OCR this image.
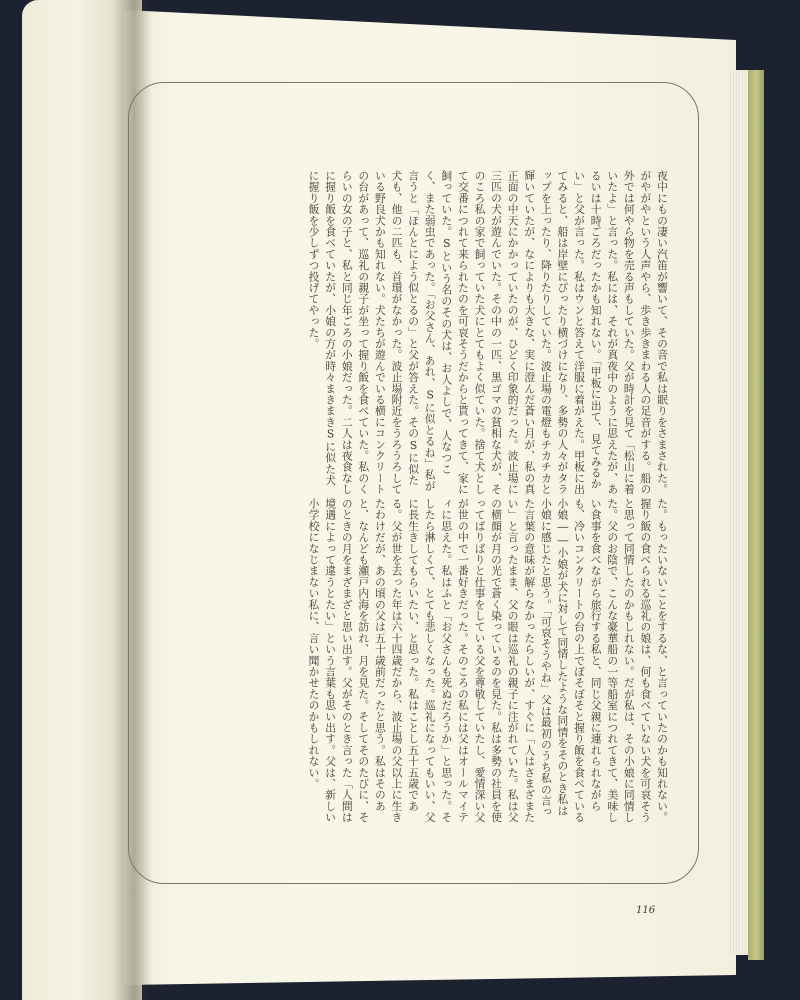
夜中にもの凄い汽笛が響いて、その音で私は眠りをさまされた。がやがやという人声やら、歩き歩きまわる人の足音がする。船の外では何やら物を売る声もしていた。父が時計を見て「松山に着いたよ」と言った。私には、それが真夜中のように思えたが、あるいは十時ごろだったかも知れない。「甲板に出て、見てみるかい」と父が言った。私はウンと答えて洋服に着がえた。甲板に出てみると、船は岸壁にぴったり横づけになり、多勢の人々がタラップを上ったり、降りたりしていた。波止場の電燈もチカチカと輝いていたが、なによりも大きな、実に澄んだ蒼い月が、私の真正面の中天にかかっていたのが、ひどく印象的だった。波止場に三匹の犬が遊んでいた。その中の一匹、黒ゴマの貧相な犬が、そのころ私の家で飼っていた犬にとてもよく似ていた。捨て犬として交番につれて来られたのを可哀そうだからと貰ってきて、家に飼っていた。Sという名のその犬は、お人よしで、人なつこく、また弱虫であった。「お父さん、あれ、Sに似とるね」私が言うと「ほんとによう似とるの」と父が答えた。そのSに似た犬も、他の二匹も、首環がなかった。波止場附近をうろうろしている野良犬かも知れない。犬たちが遊んでいる横にコンクリートの台があって、巡礼の親子が坐って握り飯を食べていた。私のくらいの女の子と、私と同じ年ごろの小娘だった。二人は夜食なしに握り飯を食べていたが、小娘の方が時々まきまきSに似た犬に握り飯を少しずつ投げてやった。
た。もったいないことをするな、と言っていたのかも知れない。握り飯の食べられる巡礼の娘は、何も食べていない犬を可哀そうと思って同情したのかもしれない。だが私は、その小娘に同情した。父のお陰で、こんな豪華船の一等船室につれてきて、美味しい食事を食べながら旅行する私と、同じ父親に連れられながらも、冷いコンクリートの台の上でぼそぼそと握り飯を食べている小娘――小娘が犬に対して同情したような同情をそのとき私は小娘に感じたと思う。「可哀そうやね」父は最初のうち私の言った言葉の意味が解らなかったらしいが、すぐに「人はさまざまたい」と言ったまま、父の眼は巡礼の親子に注がれていた。私は父の横顔が月の光で蒼く染っているのを見た。私は多勢の社員を使ってばりばりと仕事をしている父を尊敬していたし、愛情深い父が世の中で一番好きだった。そのころの私には父はオールマイティに思えた。私はふと「お父さんも死ぬだろうか」と思った。そしたら淋しくて、とても悲しくなった。巡礼になってもいい、父に長生きしてもらいたい、と思った。私はことし五十五歳である。父が世を去った年は六十四歳だから、波止場の父以上に生きたわけだが、あの頃の父は五十歳前だったと思う。私はそのあと、なんども瀬戸内海を訪れ、月を見た。そしてそのたびに、そのときの月をまざまざと思い出す。父がそのとき言った「人間は境遇によって違うとたい」という言葉も思い出す。父は、新しい小学校になじまない私に、言い聞かせたのかもしれない。
116
